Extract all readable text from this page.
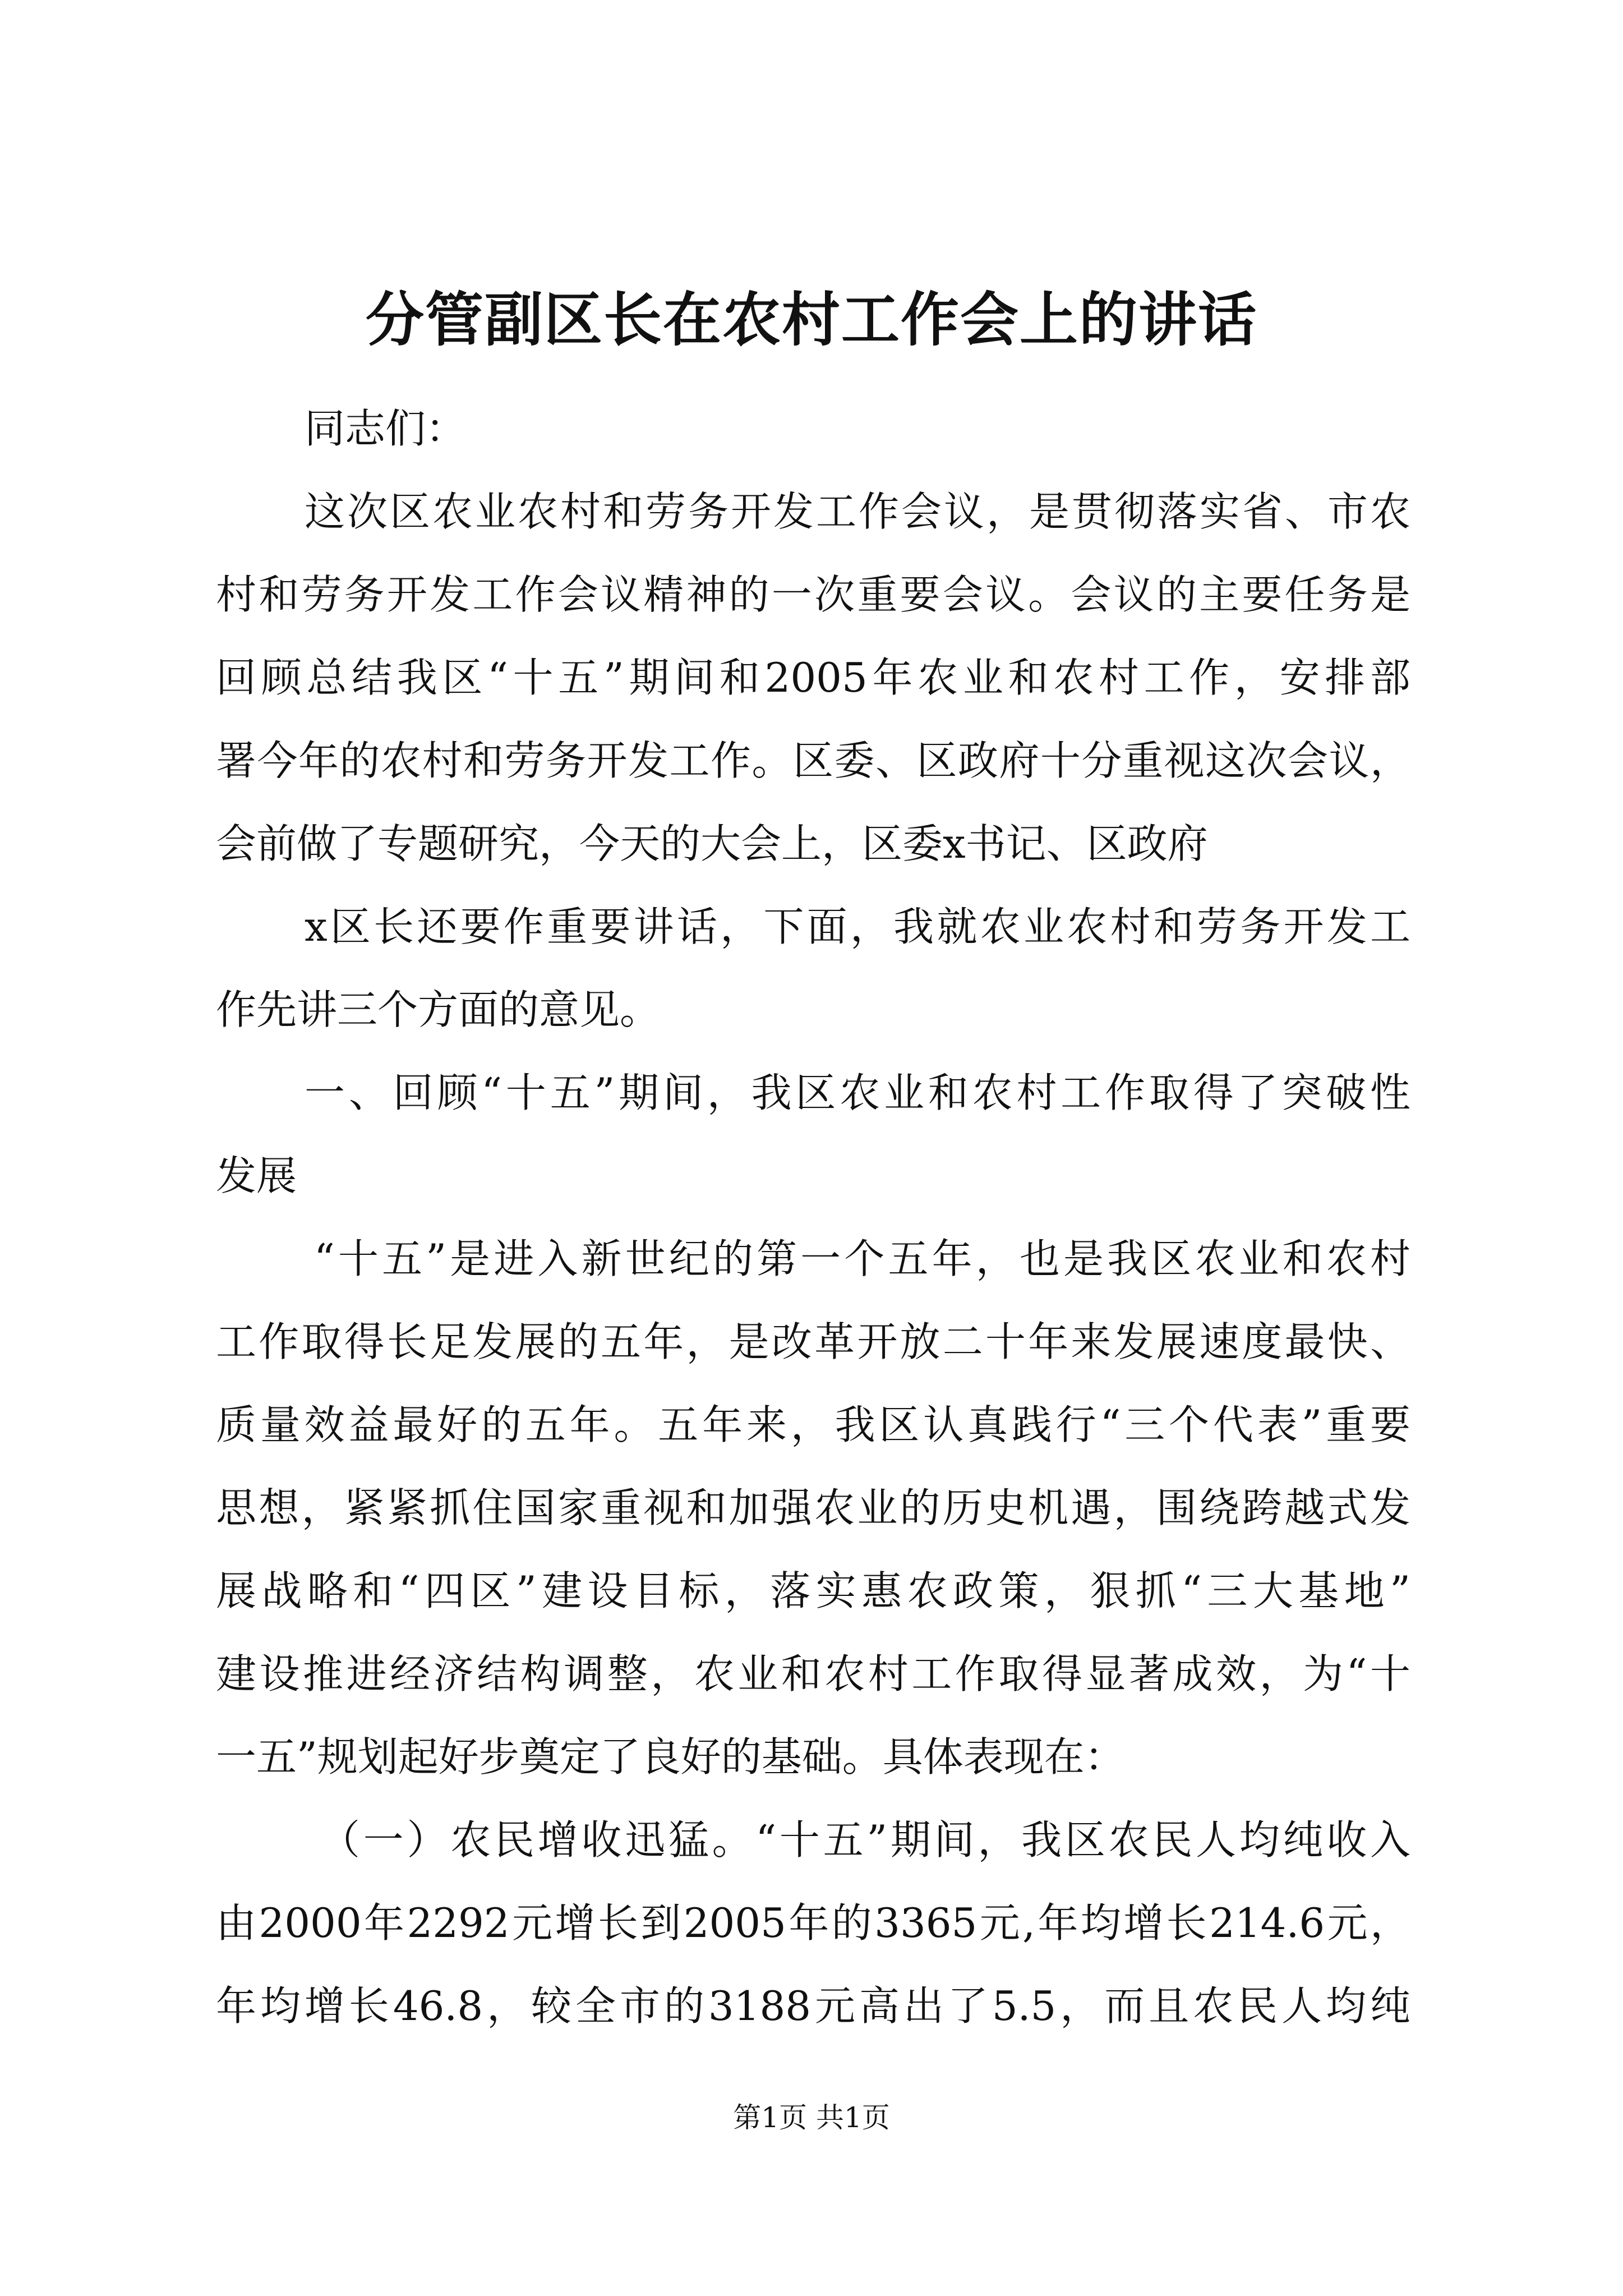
分管副区长在农村工作会上的讲话

同志们：

这次区农业农村和劳务开发工作会议，是贯彻落实省、市农

村和劳务开发工作会议精神的一次重要会议。会议的主要任务是

回顾总结我区“十五”期间和2005年农业和农村工作，安排部

署今年的农村和劳务开发工作。区委、区政府十分重视这次会议，

会前做了专题研究，今天的大会上，区委x书记、区政府

x区长还要作重要讲话，下面，我就农业农村和劳务开发工

作先讲三个方面的意见。

一、回顾“十五”期间，我区农业和农村工作取得了突破性

发展

“十五”是进入新世纪的第一个五年，也是我区农业和农村

工作取得长足发展的五年，是改革开放二十年来发展速度最快、

质量效益最好的五年。五年来，我区认真践行“三个代表”重要

思想，紧紧抓住国家重视和加强农业的历史机遇，围绕跨越式发

展战略和“四区”建设目标，落实惠农政策，狠抓“三大基地”

建设推进经济结构调整，农业和农村工作取得显著成效，为“十

一五”规划起好步奠定了良好的基础。具体表现在：

（一）农民增收迅猛。“十五”期间，我区农民人均纯收入

由2000年2292元增长到2005年的3365元,年均增长214.6元，

年均增长46.8，较全市的3188元高出了5.5，而且农民人均纯

第1页 共1页
